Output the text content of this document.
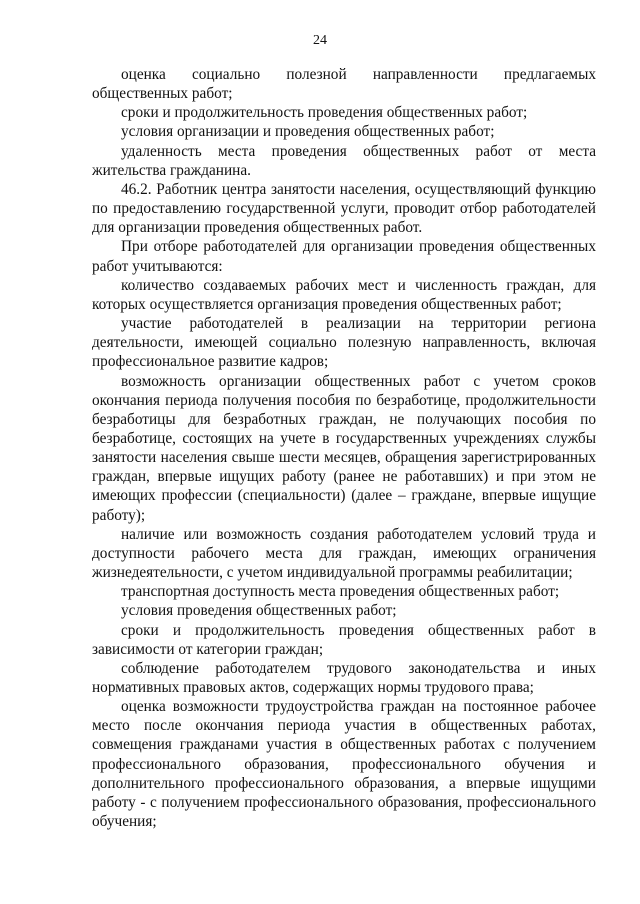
24

оценка социально полезной направленности предлагаемых общественных работ;

сроки и продолжительность проведения общественных работ;

условия организации и проведения общественных работ;

удаленность места проведения общественных работ от места жительства гражданина.

46.2. Работник центра занятости населения, осуществляющий функцию по предоставлению государственной услуги, проводит отбор работодателей для организации проведения общественных работ.

При отборе работодателей для организации проведения общественных работ учитываются:

количество создаваемых рабочих мест и численность граждан, для которых осуществляется организация проведения общественных работ;

участие работодателей в реализации на территории региона деятельности, имеющей социально полезную направленность, включая профессиональное развитие кадров;

возможность организации общественных работ с учетом сроков окончания периода получения пособия по безработице, продолжительности безработицы для безработных граждан, не получающих пособия по безработице, состоящих на учете в государственных учреждениях службы занятости населения свыше шести месяцев, обращения зарегистрированных граждан, впервые ищущих работу (ранее не работавших) и при этом не имеющих профессии (специальности) (далее – граждане, впервые ищущие работу);

наличие или возможность создания работодателем условий труда и доступности рабочего места для граждан, имеющих ограничения жизнедеятельности, с учетом индивидуальной программы реабилитации;

транспортная доступность места проведения общественных работ;

условия проведения общественных работ;

сроки и продолжительность проведения общественных работ в зависимости от категории граждан;

соблюдение работодателем трудового законодательства и иных нормативных правовых актов, содержащих нормы трудового права;

оценка возможности трудоустройства граждан на постоянное рабочее место после окончания периода участия в общественных работах, совмещения гражданами участия в общественных работах с получением профессионального образования, профессионального обучения и дополнительного профессионального образования, а впервые ищущими работу - с получением профессионального образования, профессионального обучения;
